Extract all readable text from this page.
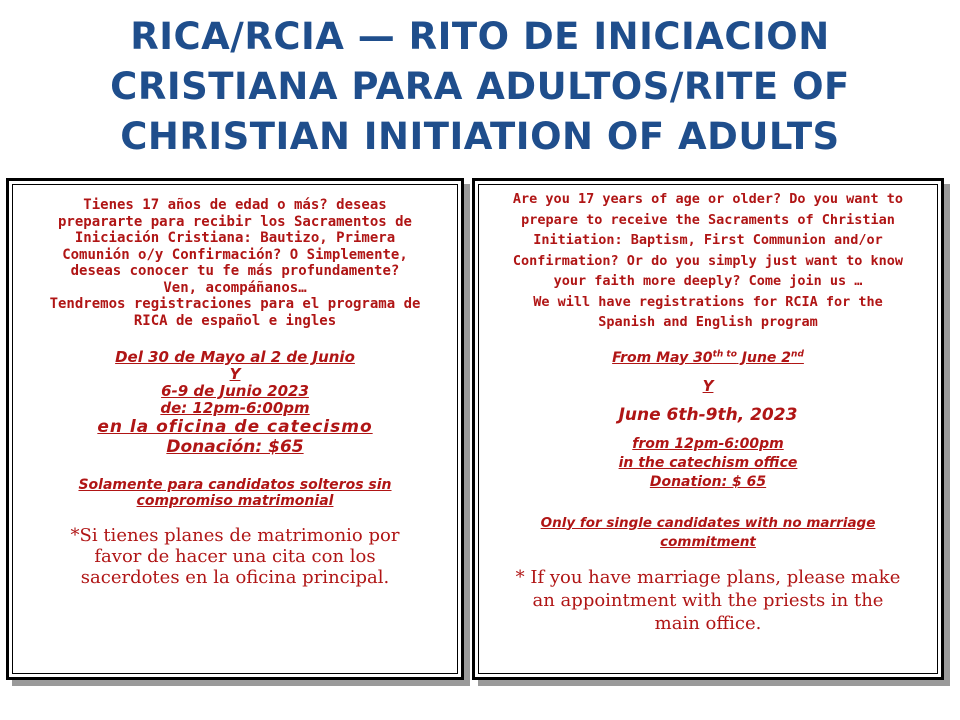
RICA/RCIA — RITO DE INICIACION
CRISTIANA PARA ADULTOS/RITE OF
CHRISTIAN INITIATION OF ADULTS
Tienes 17 años de edad o más? deseas
prepararte para recibir los Sacramentos de
Iniciación Cristiana: Bautizo, Primera
Comunión o/y Confirmación? O Simplemente,
deseas conocer tu fe más profundamente?
Ven, acompáñanos…
Tendremos registraciones para el programa de
RICA de español e ingles
Del 30 de Mayo al 2 de Junio
Y
6-9 de Junio 2023
de: 12pm-6:00pm
en la oficina de catecismo
Donación: $65
Solamente para candidatos solteros sin
compromiso matrimonial
*Si tienes planes de matrimonio por
favor de hacer una cita con los
sacerdotes en la oficina principal.
Are you 17 years of age or older? Do you want to
prepare to receive the Sacraments of Christian
Initiation: Baptism, First Communion and/or
Confirmation? Or do you simply just want to know
your faith more deeply? Come join us …
We will have registrations for RCIA for the
Spanish and English program
From May $30^{th to}$ June 2nd
Y
June 6th-9th, 2023
from 12pm-6:00pm
in the catechism office
Donation: $ 65
Only for single candidates with no marriage
commitment
* If you have marriage plans, please make
an appointment with the priests in the
main office.
